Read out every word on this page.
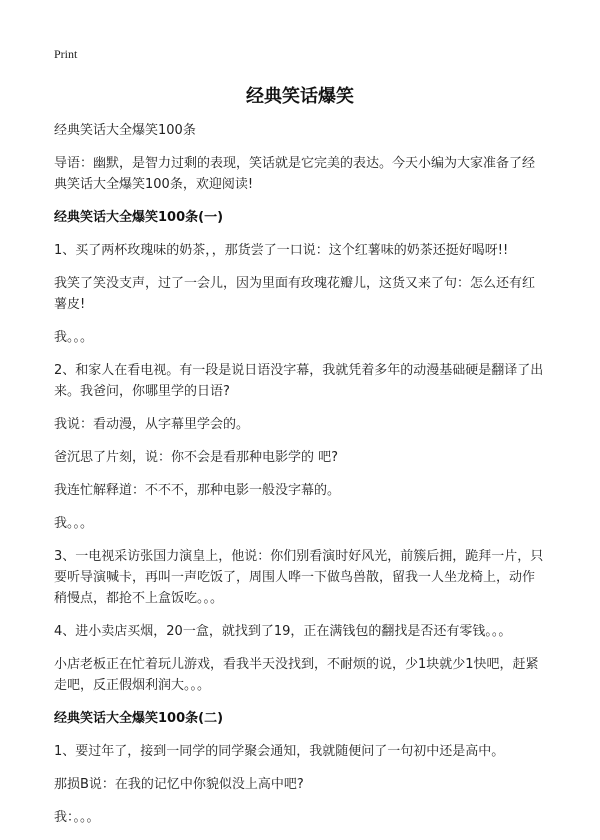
Print
经典笑话爆笑

经典笑话大全爆笑100条

导语：幽默，是智力过剩的表现，笑话就是它完美的表达。今天小编为大家准备了经典笑话大全爆笑100条，欢迎阅读!

经典笑话大全爆笑100条(一)

1、买了两杯玫瑰味的奶茶，，那货尝了一口说：这个红薯味的奶茶还挺好喝呀!!

我笑了笑没支声，过了一会儿，因为里面有玫瑰花瓣儿，这货又来了句：怎么还有红薯皮!

我。。。

2、和家人在看电视。有一段是说日语没字幕，我就凭着多年的动漫基础硬是翻译了出来。我爸问，你哪里学的日语?

我说：看动漫，从字幕里学会的。

爸沉思了片刻，说：你不会是看那种电影学的 吧?

我连忙解释道：不不不，那种电影一般没字幕的。

我。。。

3、一电视采访张国力演皇上，他说：你们别看演时好风光，前簇后拥，跪拜一片，只要听导演喊卡，再叫一声吃饭了，周围人哗一下做鸟兽散，留我一人坐龙椅上，动作稍慢点，都抢不上盒饭吃。。。

4、进小卖店买烟，20一盒，就找到了19，正在满钱包的翻找是否还有零钱。。。

小店老板正在忙着玩儿游戏，看我半天没找到，不耐烦的说，少1块就少1快吧，赶紧走吧，反正假烟利润大。。。

经典笑话大全爆笑100条(二)

1、要过年了，接到一同学的同学聚会通知，我就随便问了一句初中还是高中。

那损B说：在我的记忆中你貌似没上高中吧?

我：。。。
